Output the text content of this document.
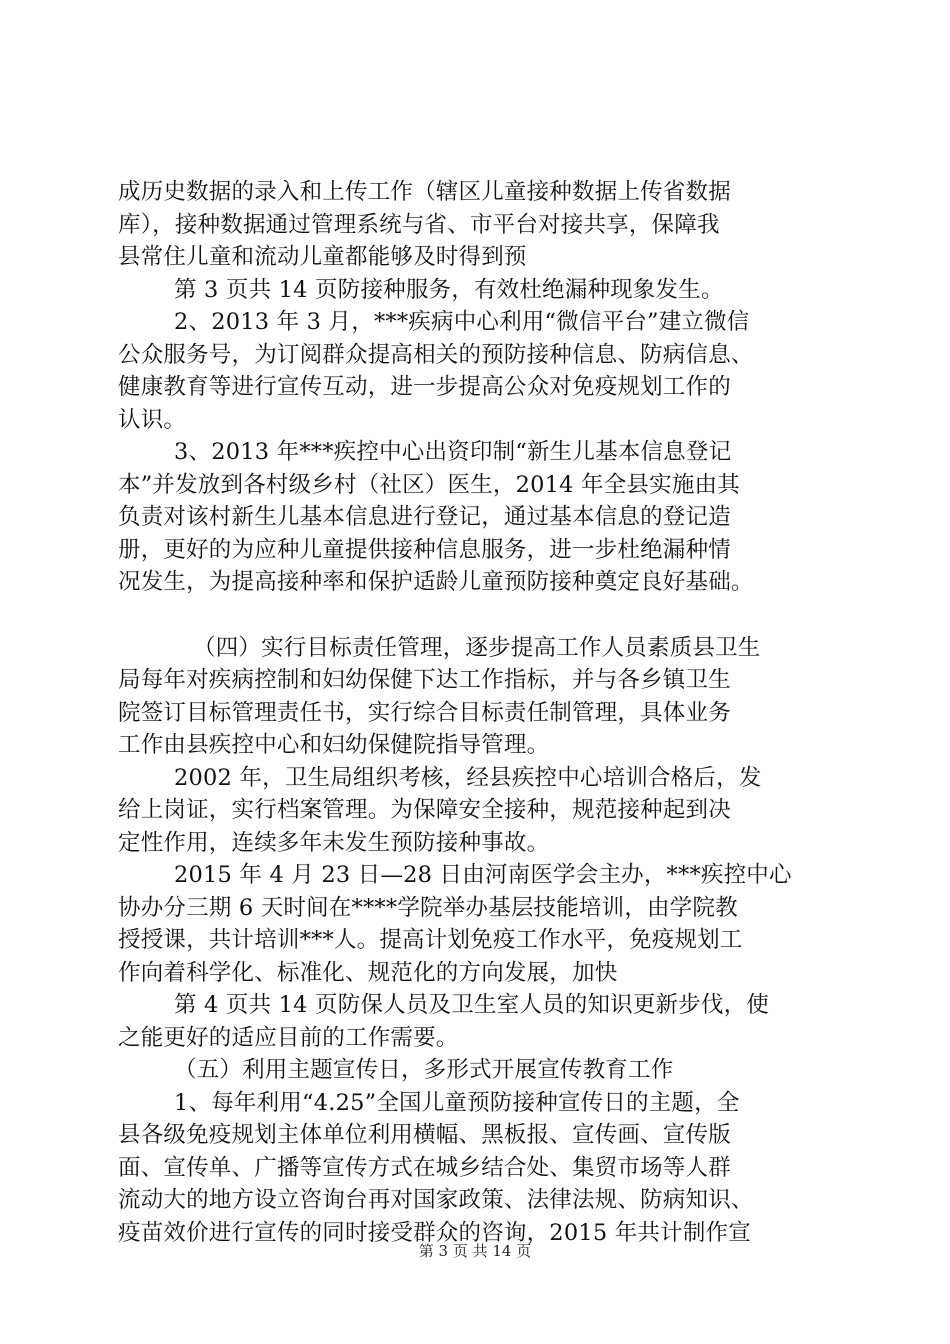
成历史数据的录入和上传工作（辖区儿童接种数据上传省数据
库），接种数据通过管理系统与省、市平台对接共享，保障我
县常住儿童和流动儿童都能够及时得到预
第 3 页共 14 页防接种服务，有效杜绝漏种现象发生。
2、2013 年 3 月，***疾病中心利用“微信平台”建立微信
公众服务号，为订阅群众提高相关的预防接种信息、防病信息、
健康教育等进行宣传互动，进一步提高公众对免疫规划工作的
认识。
3、2013 年***疾控中心出资印制“新生儿基本信息登记
本”并发放到各村级乡村（社区）医生，2014 年全县实施由其
负责对该村新生儿基本信息进行登记，通过基本信息的登记造
册，更好的为应种儿童提供接种信息服务，进一步杜绝漏种情
况发生，为提高接种率和保护适龄儿童预防接种奠定良好基础。
（四）实行目标责任管理，逐步提高工作人员素质县卫生
局每年对疾病控制和妇幼保健下达工作指标，并与各乡镇卫生
院签订目标管理责任书，实行综合目标责任制管理，具体业务
工作由县疾控中心和妇幼保健院指导管理。
2002 年，卫生局组织考核，经县疾控中心培训合格后，发
给上岗证，实行档案管理。为保障安全接种，规范接种起到决
定性作用，连续多年未发生预防接种事故。
2015 年 4 月 23 日—28 日由河南医学会主办，***疾控中心
协办分三期 6 天时间在****学院举办基层技能培训，由学院教
授授课，共计培训***人。提高计划免疫工作水平，免疫规划工
作向着科学化、标准化、规范化的方向发展，加快
第 4 页共 14 页防保人员及卫生室人员的知识更新步伐，使
之能更好的适应目前的工作需要。
（五）利用主题宣传日，多形式开展宣传教育工作
1、每年利用“4.25”全国儿童预防接种宣传日的主题，全
县各级免疫规划主体单位利用横幅、黑板报、宣传画、宣传版
面、宣传单、广播等宣传方式在城乡结合处、集贸市场等人群
流动大的地方设立咨询台再对国家政策、法律法规、防病知识、
疫苗效价进行宣传的同时接受群众的咨询，2015 年共计制作宣
第 3 页 共 14 页
